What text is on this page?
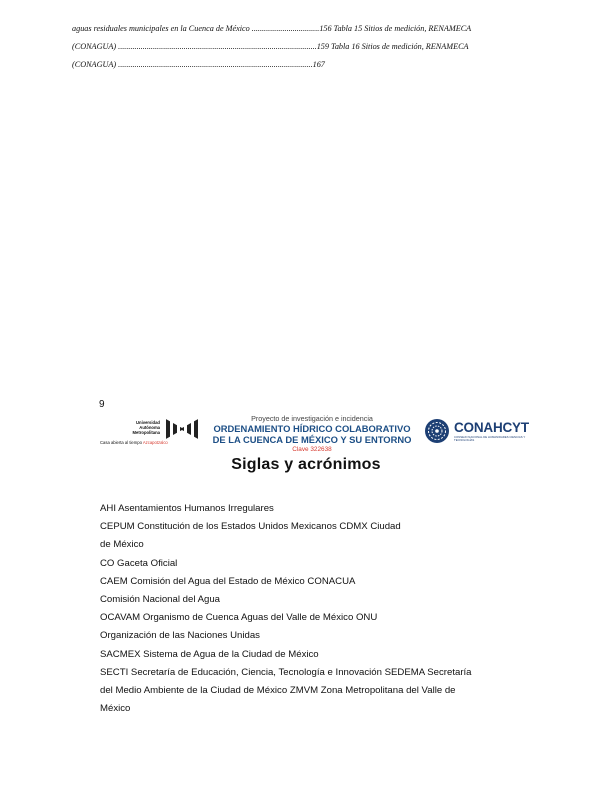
aguas residuales municipales en la Cuenca de México .................................156 Tabla 15 Sitios de medición, RENAMECA
(CONAGUA) .................................................................................................159 Tabla 16 Sitios de medición, RENAMECA
(CONAGUA) ...............................................................................................167
9
Universidad
Autónoma
Metropolitana
Casa abierta al tiempo Azcapotzalco
Proyecto de investigación e incidencia
ORDENAMIENTO HÍDRICO COLABORATIVO
DE LA CUENCA DE MÉXICO Y SU ENTORNO
Clave 322638
CONAHCYT
CONSEJO NACIONAL DE HUMANIDADES CIENCIAS Y TECNOLOGÍAS
Siglas y acrónimos
AHI Asentamientos Humanos Irregulares
CEPUM Constitución de los Estados Unidos Mexicanos CDMX Ciudad
de México
CO Gaceta Oficial
CAEM Comisión del Agua del Estado de México CONACUA
Comisión Nacional del Agua
OCAVAM Organismo de Cuenca Aguas del Valle de México ONU
Organización de las Naciones Unidas
SACMEX Sistema de Agua de la Ciudad de México
SECTI Secretaría de Educación, Ciencia, Tecnología e Innovación SEDEMA Secretaría
del Medio Ambiente de la Ciudad de México ZMVM Zona Metropolitana del Valle de
México
